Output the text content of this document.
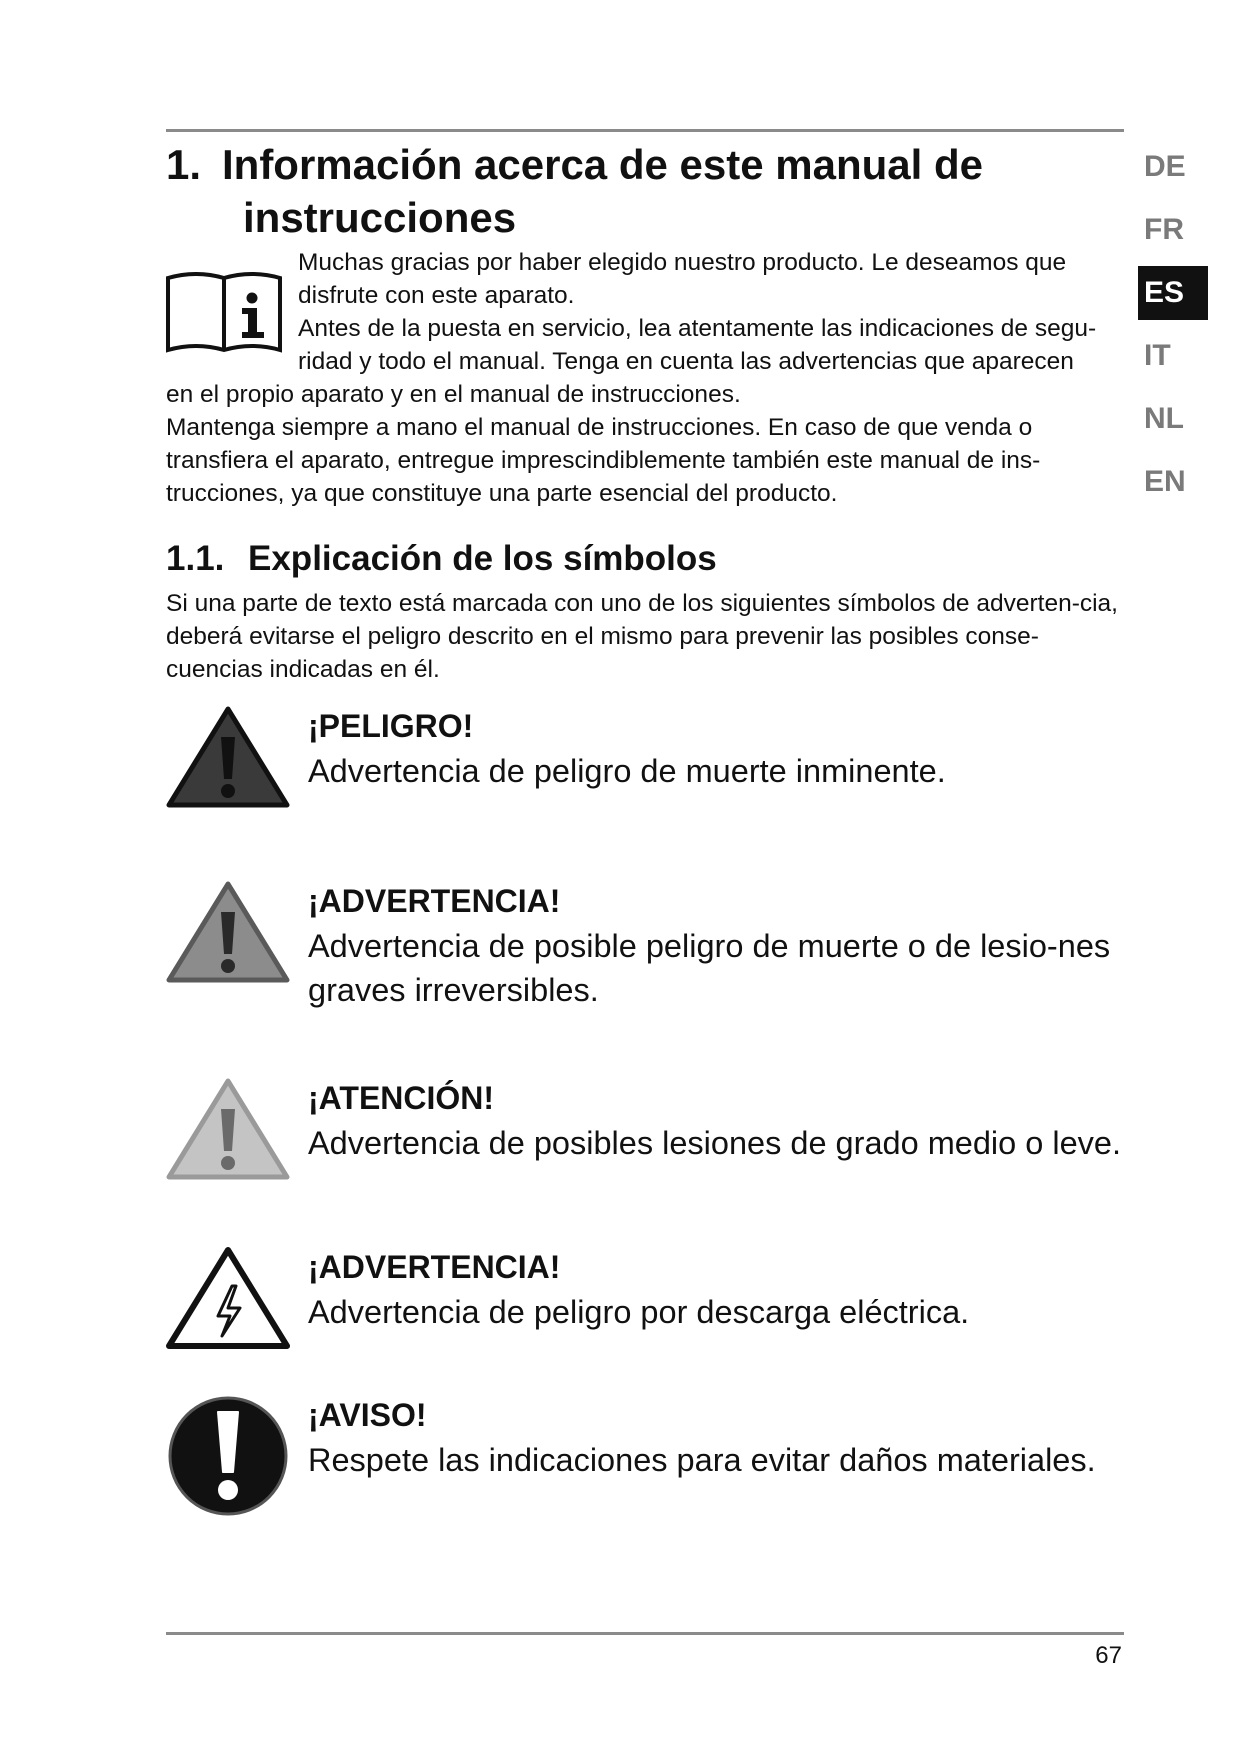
1. Información acerca de este manual de
instrucciones

Muchas gracias por haber elegido nuestro producto. Le deseamos que
disfrute con este aparato.
Antes de la puesta en servicio, lea atentamente las indicaciones de segu-
ridad y todo el manual. Tenga en cuenta las advertencias que aparecen
en el propio aparato y en el manual de instrucciones.

Mantenga siempre a mano el manual de instrucciones. En caso de que venda o transfiera el aparato, entregue imprescindiblemente también este manual de ins-trucciones, ya que constituye una parte esencial del producto.

1.1. Explicación de los símbolos

Si una parte de texto está marcada con uno de los siguientes símbolos de adverten-cia, deberá evitarse el peligro descrito en el mismo para prevenir las posibles conse-cuencias indicadas en él.

¡PELIGRO!

Advertencia de peligro de muerte inminente.

¡ADVERTENCIA!

Advertencia de posible peligro de muerte o de lesio-nes graves irreversibles.

¡ATENCIÓN!

Advertencia de posibles lesiones de grado medio o leve.

¡ADVERTENCIA!

Advertencia de peligro por descarga eléctrica.

¡AVISO!

Respete las indicaciones para evitar daños materiales.

DE
FR
ES
IT
NL
EN
67
